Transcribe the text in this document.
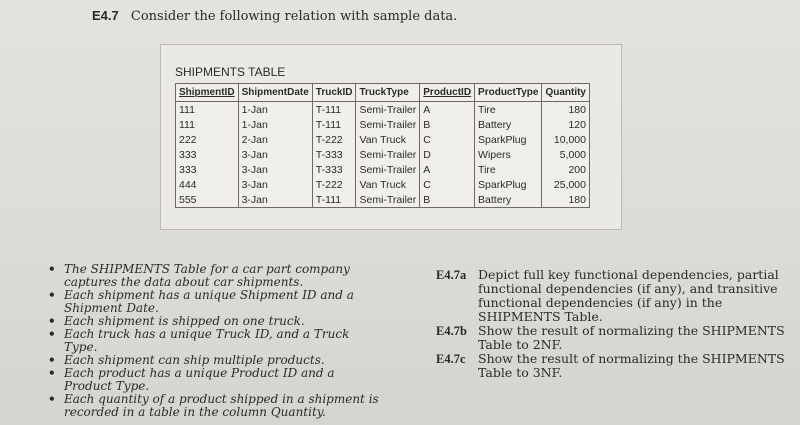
E4.7 Consider the following relation with sample data.
SHIPMENTS TABLE
ShipmentID	ShipmentDate	TruckID	TruckType	ProductID	ProductType	Quantity
111	1-Jan	T-111	Semi-Trailer	A	Tire	180
111	1-Jan	T-111	Semi-Trailer	B	Battery	120
222	2-Jan	T-222	Van Truck	C	SparkPlug	10,000
333	3-Jan	T-333	Semi-Trailer	D	Wipers	5,000
333	3-Jan	T-333	Semi-Trailer	A	Tire	200
444	3-Jan	T-222	Van Truck	C	SparkPlug	25,000
555	3-Jan	T-111	Semi-Trailer	B	Battery	180
• The SHIPMENTS Table for a car part company captures the data about car shipments.
• Each shipment has a unique Shipment ID and a Shipment Date.
• Each shipment is shipped on one truck.
• Each truck has a unique Truck ID, and a Truck Type.
• Each shipment can ship multiple products.
• Each product has a unique Product ID and a Product Type.
• Each quantity of a product shipped in a shipment is recorded in a table in the column Quantity.
E4.7a Depict full key functional dependencies, partial functional dependencies (if any), and transitive functional dependencies (if any) in the SHIPMENTS Table.
E4.7b Show the result of normalizing the SHIPMENTS Table to 2NF.
E4.7c Show the result of normalizing the SHIPMENTS Table to 3NF.
